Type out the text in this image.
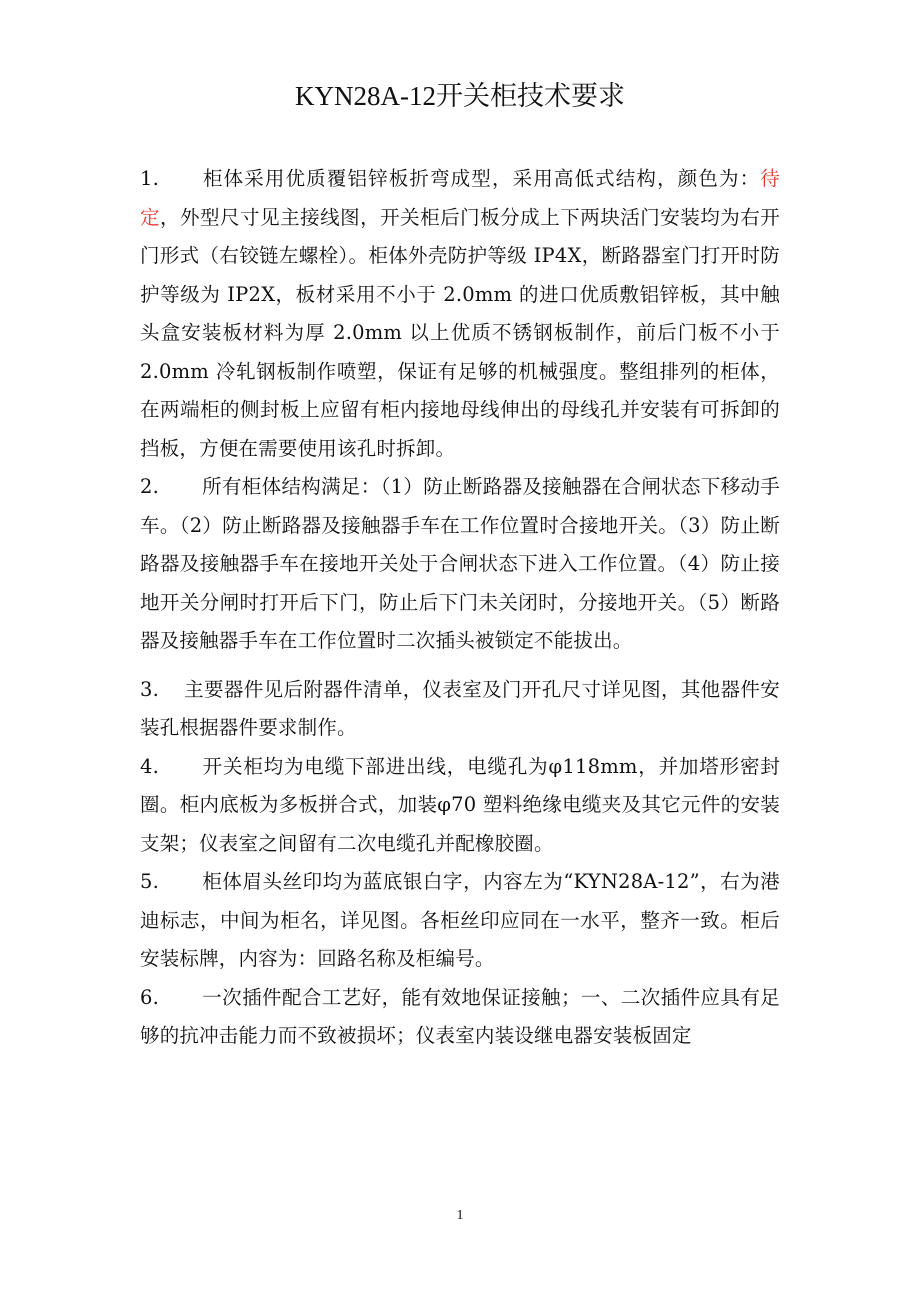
KYN28A-12开关柜技术要求

1. 柜体采用优质覆铝锌板折弯成型，采用高低式结构，颜色为：待定，外型尺寸见主接线图，开关柜后门板分成上下两块活门安装均为右开门形式（右铰链左螺栓）。柜体外壳防护等级 IP4X，断路器室门打开时防护等级为 IP2X，板材采用不小于 2.0mm 的进口优质敷铝锌板，其中触头盒安装板材料为厚 2.0mm 以上优质不锈钢板制作，前后门板不小于 2.0mm 冷轧钢板制作喷塑，保证有足够的机械强度。整组排列的柜体，在两端柜的侧封板上应留有柜内接地母线伸出的母线孔并安装有可拆卸的挡板，方便在需要使用该孔时拆卸。

2. 所有柜体结构满足：（1）防止断路器及接触器在合闸状态下移动手车。（2）防止断路器及接触器手车在工作位置时合接地开关。（3）防止断路器及接触器手车在接地开关处于合闸状态下进入工作位置。（4）防止接地开关分闸时打开后下门，防止后下门未关闭时，分接地开关。（5）断路器及接触器手车在工作位置时二次插头被锁定不能拔出。

3. 主要器件见后附器件清单，仪表室及门开孔尺寸详见图，其他器件安装孔根据器件要求制作。

4. 开关柜均为电缆下部进出线，电缆孔为φ118mm，并加塔形密封圈。柜内底板为多板拼合式，加装φ70 塑料绝缘电缆夹及其它元件的安装支架；仪表室之间留有二次电缆孔并配橡胶圈。

5. 柜体眉头丝印均为蓝底银白字，内容左为“KYN28A-12”，右为港迪标志，中间为柜名，详见图。各柜丝印应同在一水平，整齐一致。柜后安装标牌，内容为：回路名称及柜编号。

6. 一次插件配合工艺好，能有效地保证接触；一、二次插件应具有足够的抗冲击能力而不致被损坏；仪表室内装设继电器安装板固定

1
